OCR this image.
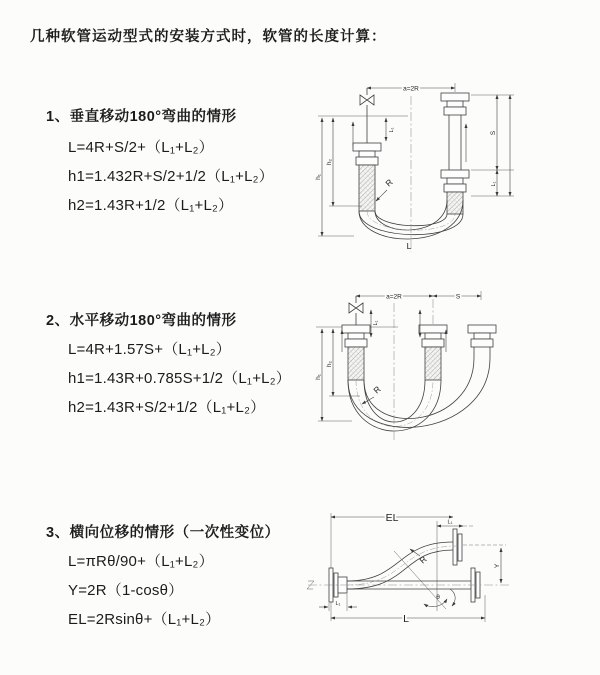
几种软管运动型式的安装方式时，软管的长度计算：
1、垂直移动180°弯曲的情形
L=4R+S/2+（L₁+L₂）
h1=1.432R+S/2+1/2（L₁+L₂）
h2=1.43R+1/2（L₁+L₂）
2、水平移动180°弯曲的情形
L=4R+1.57S+（L₁+L₂）
h1=1.43R+0.785S+1/2（L₁+L₂）
h2=1.43R+S/2+1/2（L₁+L₂）
3、横向位移的情形（一次性变位）
L=πRθ/90+（L₁+L₂）
Y=2R（1-cosθ）
EL=2Rsinθ+（L₁+L₂）
a=2R
h₁
h₂
L₁
S
L₁
R
L
a=2R	S
h₁
h₂
L₁
R
EL	L₁
Y
θ
R
L
L₁
